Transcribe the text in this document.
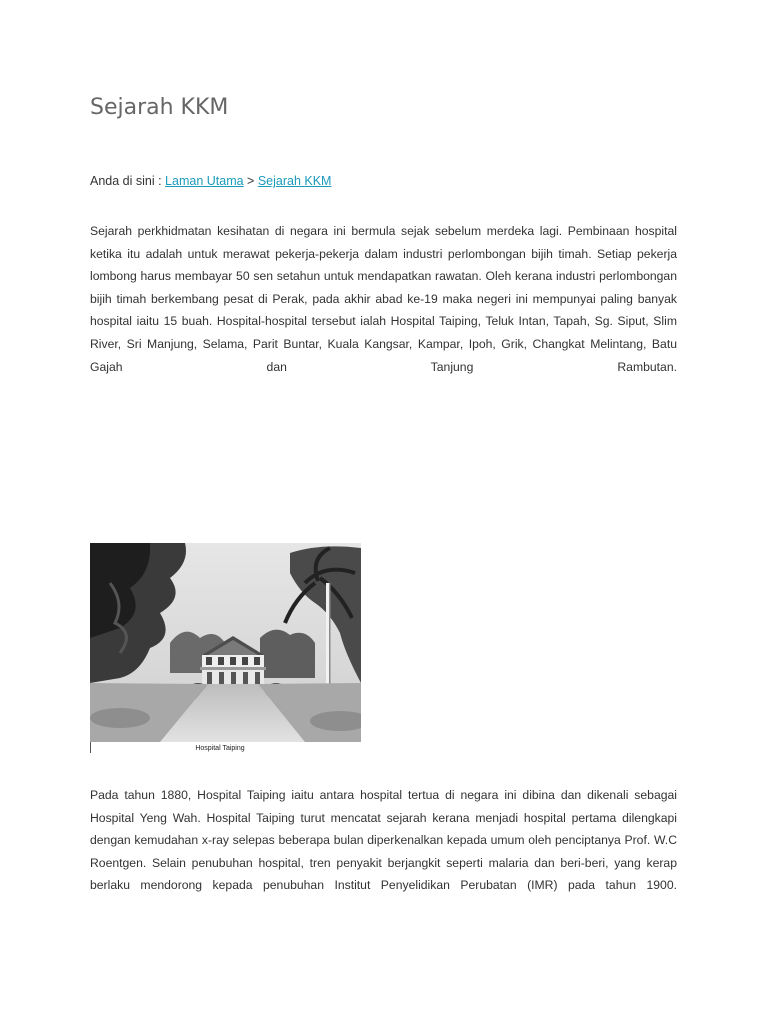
Sejarah KKM
Anda di sini : Laman Utama > Sejarah KKM

Sejarah perkhidmatan kesihatan di negara ini bermula sejak sebelum merdeka lagi. Pembinaan hospital ketika itu adalah untuk merawat pekerja-pekerja dalam industri perlombongan bijih timah. Setiap pekerja lombong harus membayar 50 sen setahun untuk mendapatkan rawatan. Oleh kerana industri perlombongan bijih timah berkembang pesat di Perak, pada akhir abad ke-19 maka negeri ini mempunyai paling banyak hospital iaitu 15 buah. Hospital-hospital tersebut ialah Hospital Taiping, Teluk Intan, Tapah, Sg. Siput, Slim River, Sri Manjung, Selama, Parit Buntar, Kuala Kangsar, Kampar, Ipoh, Grik, Changkat Melintang, Batu Gajah dan Tanjung Rambutan.

Hospital Taiping

Pada tahun 1880, Hospital Taiping iaitu antara hospital tertua di negara ini dibina dan dikenali sebagai Hospital Yeng Wah. Hospital Taiping turut mencatat sejarah kerana menjadi hospital pertama dilengkapi dengan kemudahan x-ray selepas beberapa bulan diperkenalkan kepada umum oleh penciptanya Prof. W.C Roentgen. Selain penubuhan hospital, tren penyakit berjangkit seperti malaria dan beri-beri, yang kerap berlaku mendorong kepada penubuhan Institut Penyelidikan Perubatan (IMR) pada tahun 1900.
